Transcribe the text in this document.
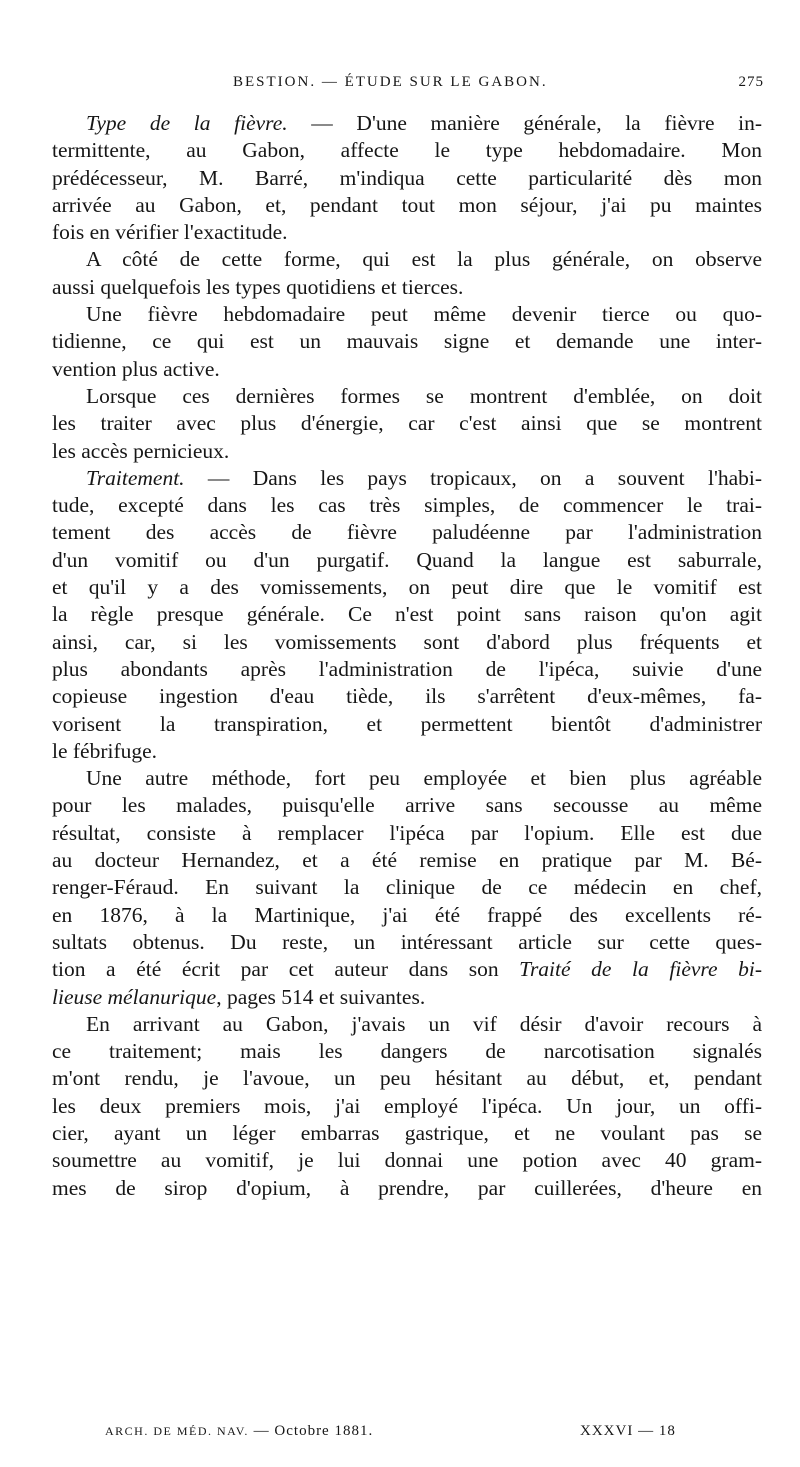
BESTION. — ÉTUDE SUR LE GABON.	275
Type de la fièvre. — D'une manière générale, la fièvre in-
termittente, au Gabon, affecte le type hebdomadaire. Mon
prédécesseur, M. Barré, m'indiqua cette particularité dès mon
arrivée au Gabon, et, pendant tout mon séjour, j'ai pu maintes
fois en vérifier l'exactitude.
A côté de cette forme, qui est la plus générale, on observe
aussi quelquefois les types quotidiens et tierces.
Une fièvre hebdomadaire peut même devenir tierce ou quo-
tidienne, ce qui est un mauvais signe et demande une inter-
vention plus active.
Lorsque ces dernières formes se montrent d'emblée, on doit
les traiter avec plus d'énergie, car c'est ainsi que se montrent
les accès pernicieux.
Traitement. — Dans les pays tropicaux, on a souvent l'habi-
tude, excepté dans les cas très simples, de commencer le trai-
tement des accès de fièvre paludéenne par l'administration
d'un vomitif ou d'un purgatif. Quand la langue est saburrale,
et qu'il y a des vomissements, on peut dire que le vomitif est
la règle presque générale. Ce n'est point sans raison qu'on agit
ainsi, car, si les vomissements sont d'abord plus fréquents et
plus abondants après l'administration de l'ipéca, suivie d'une
copieuse ingestion d'eau tiède, ils s'arrêtent d'eux-mêmes, fa-
vorisent la transpiration, et permettent bientôt d'administrer
le fébrifuge.
Une autre méthode, fort peu employée et bien plus agréable
pour les malades, puisqu'elle arrive sans secousse au même
résultat, consiste à remplacer l'ipéca par l'opium. Elle est due
au docteur Hernandez, et a été remise en pratique par M. Bé-
renger-Féraud. En suivant la clinique de ce médecin en chef,
en 1876, à la Martinique, j'ai été frappé des excellents ré-
sultats obtenus. Du reste, un intéressant article sur cette ques-
tion a été écrit par cet auteur dans son Traité de la fièvre bi-
lieuse mélanurique, pages 514 et suivantes.
En arrivant au Gabon, j'avais un vif désir d'avoir recours à
ce traitement; mais les dangers de narcotisation signalés
m'ont rendu, je l'avoue, un peu hésitant au début, et, pendant
les deux premiers mois, j'ai employé l'ipéca. Un jour, un offi-
cier, ayant un léger embarras gastrique, et ne voulant pas se
soumettre au vomitif, je lui donnai une potion avec 40 gram-
mes de sirop d'opium, à prendre, par cuillerées, d'heure en
ARCH. DE MÉD. NAV. — Octobre 1881.	XXXVI — 18
